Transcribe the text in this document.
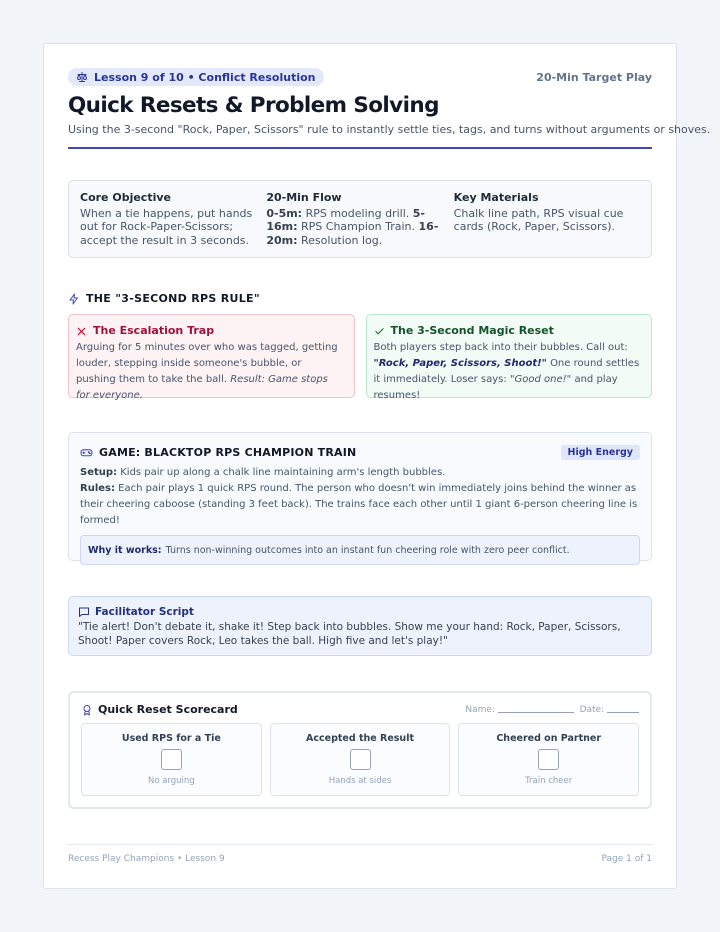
Lesson 9 of 10 • Conflict Resolution	20-Min Target Play
Quick Resets & Problem Solving

Using the 3-second "Rock, Paper, Scissors" rule to instantly settle ties, tags, and turns without arguments or shoves.

Core Objective
When a tie happens, put hands out for Rock-Paper-Scissors; accept the result in 3 seconds.
20-Min Flow
0-5m: RPS modeling drill. 5-16m: RPS Champion Train. 16-20m: Resolution log.
Key Materials
Chalk line path, RPS visual cue cards (Rock, Paper, Scissors).
THE "3-SECOND RPS RULE"
The Escalation Trap

Arguing for 5 minutes over who was tagged, getting louder, stepping inside someone's bubble, or pushing them to take the ball. Result: Game stops for everyone.

The 3-Second Magic Reset

Both players step back into their bubbles. Call out: "Rock, Paper, Scissors, Shoot!" One round settles it immediately. Loser says: "Good one!" and play resumes!

GAME: BLACKTOP RPS CHAMPION TRAIN	High Energy
Setup: Kids pair up along a chalk line maintaining arm's length bubbles.
Rules: Each pair plays 1 quick RPS round. The person who doesn't win immediately joins behind the winner as their cheering caboose (standing 3 feet back). The trains face each other until 1 giant 6-person cheering line is formed!
Why it works: Turns non-winning outcomes into an instant fun cheering role with zero peer conflict.
Facilitator Script

"Tie alert! Don't debate it, shake it! Step back into bubbles. Show me your hand: Rock, Paper, Scissors, Shoot! Paper covers Rock, Leo takes the ball. High five and let's play!"

Quick Reset Scorecard	Name:	Date:
Used RPS for a Tie
No arguing
Accepted the Result
Hands at sides
Cheered on Partner
Train cheer
Recess Play Champions • Lesson 9	Page 1 of 1
